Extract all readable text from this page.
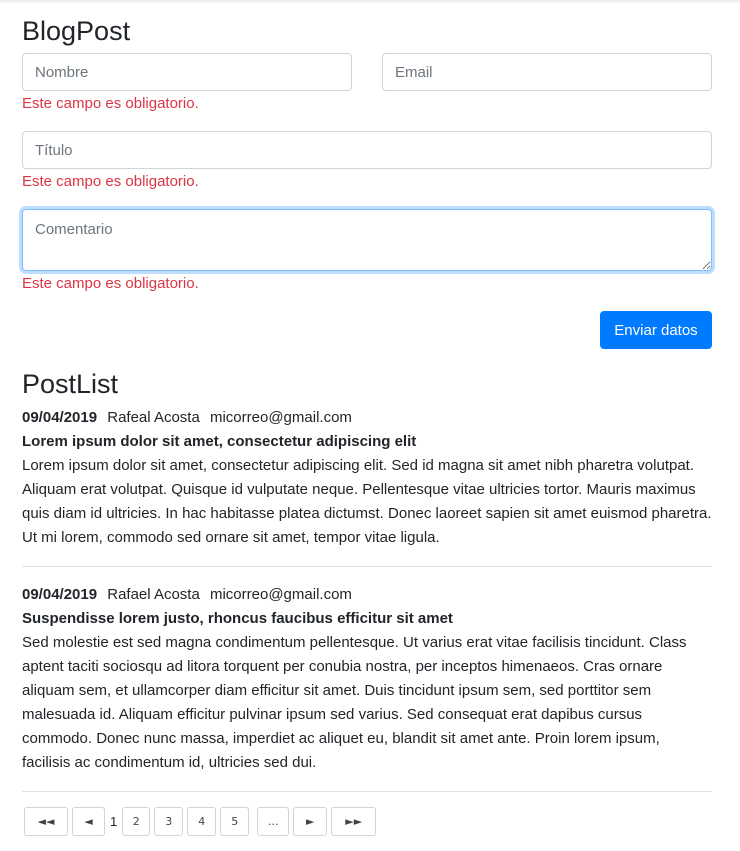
BlogPost
Nombre
Email
Este campo es obligatorio.
Título
Este campo es obligatorio.
Comentario
Este campo es obligatorio.
Enviar datos
PostList
09/04/2019 Rafeal Acosta micorreo@gmail.com
Lorem ipsum dolor sit amet, consectetur adipiscing elit
Lorem ipsum dolor sit amet, consectetur adipiscing elit. Sed id magna sit amet nibh pharetra volutpat. Aliquam erat volutpat. Quisque id vulputate neque. Pellentesque vitae ultricies tortor. Mauris maximus quis diam id ultricies. In hac habitasse platea dictumst. Donec laoreet sapien sit amet euismod pharetra. Ut mi lorem, commodo sed ornare sit amet, tempor vitae ligula.
09/04/2019 Rafael Acosta micorreo@gmail.com
Suspendisse lorem justo, rhoncus faucibus efficitur sit amet
Sed molestie est sed magna condimentum pellentesque. Ut varius erat vitae facilisis tincidunt. Class aptent taciti sociosqu ad litora torquent per conubia nostra, per inceptos himenaeos. Cras ornare aliquam sem, et ullamcorper diam efficitur sit amet. Duis tincidunt ipsum sem, sed porttitor sem malesuada id. Aliquam efficitur pulvinar ipsum sed varius. Sed consequat erat dapibus cursus commodo. Donec nunc massa, imperdiet ac aliquet eu, blandit sit amet ante. Proin lorem ipsum, facilisis ac condimentum id, ultricies sed dui.
◄◄	◄	1	2	3	4	5	...	►	►►
